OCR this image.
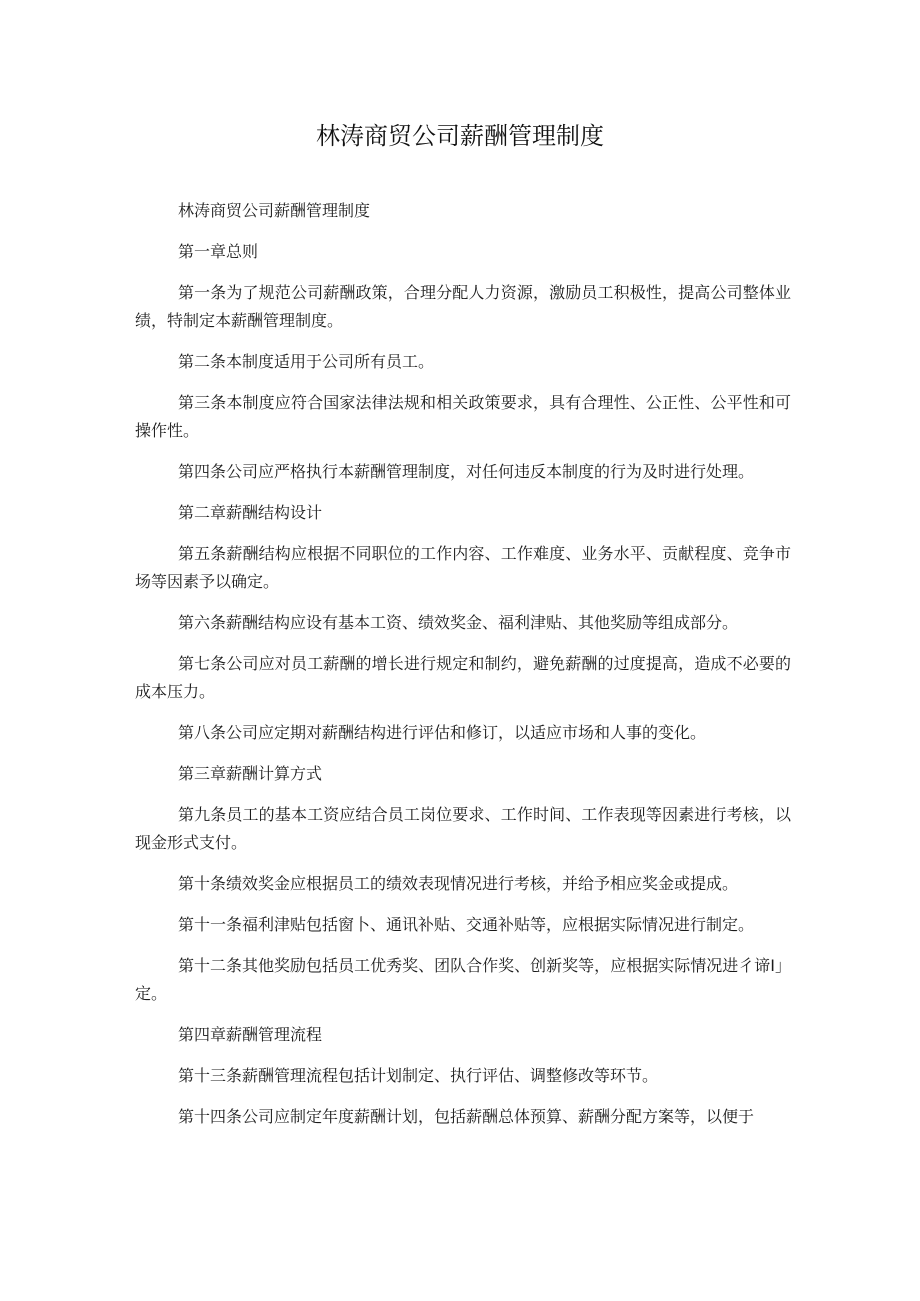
林涛商贸公司薪酬管理制度

林涛商贸公司薪酬管理制度

第一章总则

第一条为了规范公司薪酬政策，合理分配人力资源，激励员工积极性，提高公司整体业绩，特制定本薪酬管理制度。

第二条本制度适用于公司所有员工。

第三条本制度应符合国家法律法规和相关政策要求，具有合理性、公正性、公平性和可操作性。

第四条公司应严格执行本薪酬管理制度，对任何违反本制度的行为及时进行处理。

第二章薪酬结构设计

第五条薪酬结构应根据不同职位的工作内容、工作难度、业务水平、贡献程度、竞争市场等因素予以确定。

第六条薪酬结构应设有基本工资、绩效奖金、福利津贴、其他奖励等组成部分。

第七条公司应对员工薪酬的增长进行规定和制约，避免薪酬的过度提高，造成不必要的成本压力。

第八条公司应定期对薪酬结构进行评估和修订，以适应市场和人事的变化。

第三章薪酬计算方式

第九条员工的基本工资应结合员工岗位要求、工作时间、工作表现等因素进行考核，以现金形式支付。

第十条绩效奖金应根据员工的绩效表现情况进行考核，并给予相应奖金或提成。

第十一条福利津贴包括窗卜、通讯补贴、交通补贴等，应根据实际情况进行制定。

第十二条其他奖励包括员工优秀奖、团队合作奖、创新奖等，应根据实际情况进彳谛I」定。

第四章薪酬管理流程

第十三条薪酬管理流程包括计划制定、执行评估、调整修改等环节。

第十四条公司应制定年度薪酬计划，包括薪酬总体预算、薪酬分配方案等，以便于
